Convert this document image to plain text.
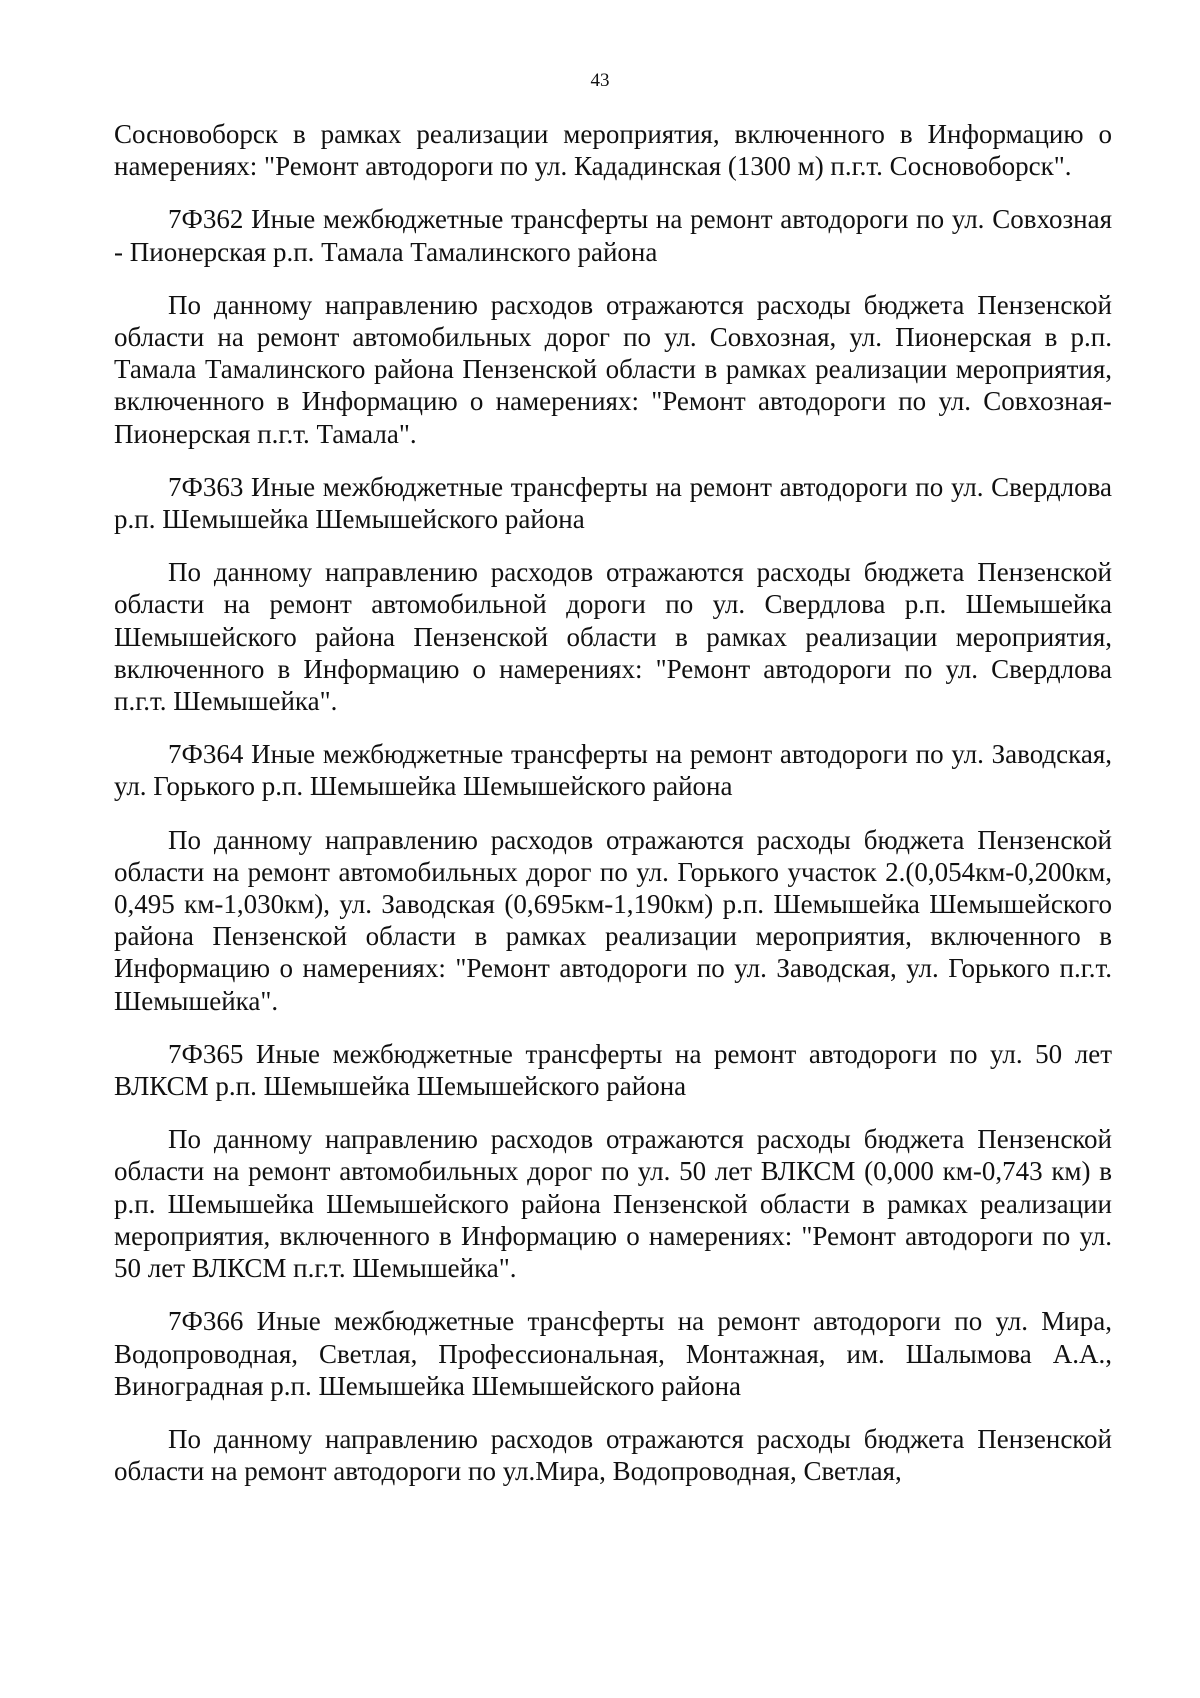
43

Сосновоборск в рамках реализации мероприятия, включенного в Информацию о намерениях: "Ремонт автодороги по ул. Кададинская (1300 м) п.г.т. Сосновоборск".

7Ф362 Иные межбюджетные трансферты на ремонт автодороги по ул. Совхозная - Пионерская р.п. Тамала Тамалинского района

По данному направлению расходов отражаются расходы бюджета Пензенской области на ремонт автомобильных дорог по ул. Совхозная, ул. Пионерская в р.п. Тамала Тамалинского района Пензенской области в рамках реализации мероприятия, включенного в Информацию о намерениях: "Ремонт автодороги по ул. Совхозная-Пионерская п.г.т. Тамала".

7Ф363 Иные межбюджетные трансферты на ремонт автодороги по ул. Свердлова р.п. Шемышейка Шемышейского района

По данному направлению расходов отражаются расходы бюджета Пензенской области на ремонт автомобильной дороги по ул. Свердлова р.п. Шемышейка Шемышейского района Пензенской области в рамках реализации мероприятия, включенного в Информацию о намерениях: "Ремонт автодороги по ул. Свердлова п.г.т. Шемышейка".

7Ф364 Иные межбюджетные трансферты на ремонт автодороги по ул. Заводская, ул. Горького р.п. Шемышейка Шемышейского района

По данному направлению расходов отражаются расходы бюджета Пензенской области на ремонт автомобильных дорог по ул. Горького участок 2.(0,054км-0,200км, 0,495 км-1,030км), ул. Заводская (0,695км-1,190км) р.п. Шемышейка Шемышейского района Пензенской области в рамках реализации мероприятия, включенного в Информацию о намерениях: "Ремонт автодороги по ул. Заводская, ул. Горького п.г.т. Шемышейка".

7Ф365 Иные межбюджетные трансферты на ремонт автодороги по ул. 50 лет ВЛКСМ р.п. Шемышейка Шемышейского района

По данному направлению расходов отражаются расходы бюджета Пензенской области на ремонт автомобильных дорог по ул. 50 лет ВЛКСМ (0,000 км-0,743 км) в р.п. Шемышейка Шемышейского района Пензенской области в рамках реализации мероприятия, включенного в Информацию о намерениях: "Ремонт автодороги по ул. 50 лет ВЛКСМ п.г.т. Шемышейка".

7Ф366 Иные межбюджетные трансферты на ремонт автодороги по ул. Мира, Водопроводная, Светлая, Профессиональная, Монтажная, им. Шалымова А.А., Виноградная р.п. Шемышейка Шемышейского района

По данному направлению расходов отражаются расходы бюджета Пензенской области на ремонт автодороги по ул.Мира, Водопроводная, Светлая,
